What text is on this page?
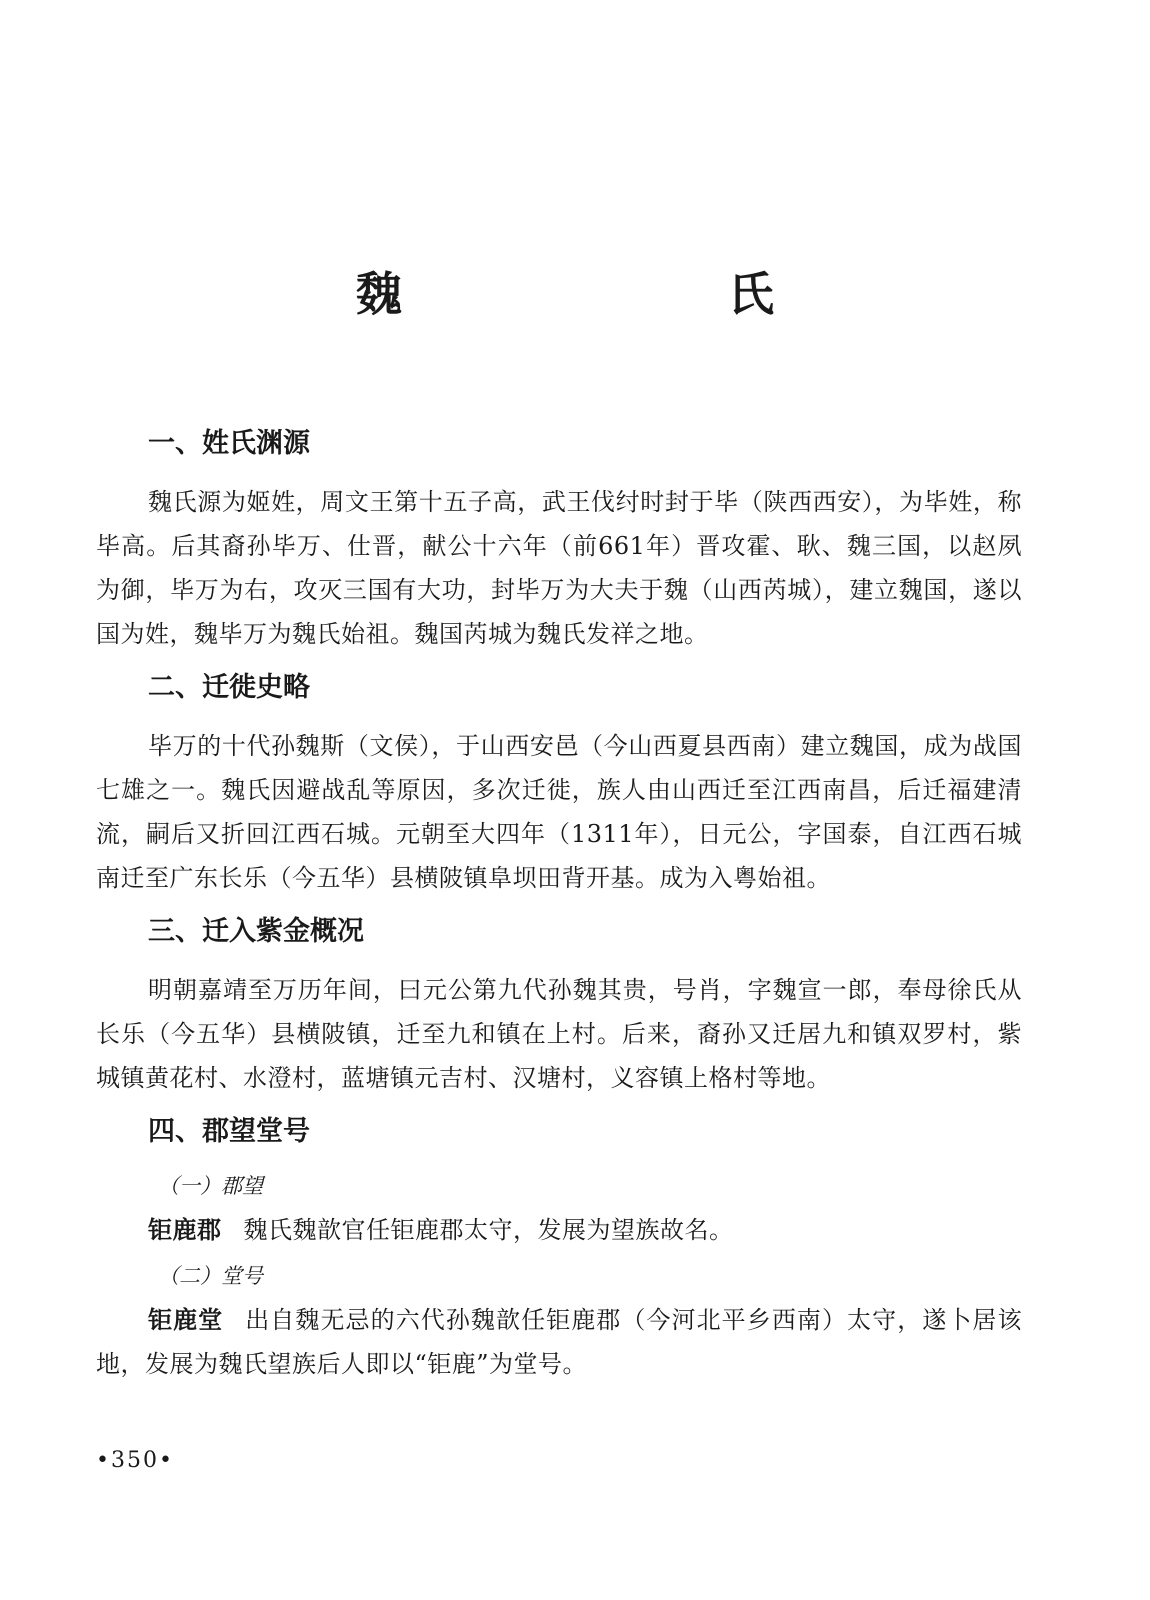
魏　　氏
一、姓氏渊源

魏氏源为姬姓，周文王第十五子高，武王伐纣时封于毕（陕西西安），为毕姓，称毕高。后其裔孙毕万、仕晋，献公十六年（前661年）晋攻霍、耿、魏三国，以赵夙为御，毕万为右，攻灭三国有大功，封毕万为大夫于魏（山西芮城），建立魏国，遂以国为姓，魏毕万为魏氏始祖。魏国芮城为魏氏发祥之地。

二、迁徙史略

毕万的十代孙魏斯（文侯），于山西安邑（今山西夏县西南）建立魏国，成为战国七雄之一。魏氏因避战乱等原因，多次迁徙，族人由山西迁至江西南昌，后迁福建清流，嗣后又折回江西石城。元朝至大四年（1311年），日元公，字国泰，自江西石城南迁至广东长乐（今五华）县横陂镇阜坝田背开基。成为入粤始祖。

三、迁入紫金概况

明朝嘉靖至万历年间，曰元公第九代孙魏其贵，号肖，字魏宣一郎，奉母徐氏从长乐（今五华）县横陂镇，迁至九和镇在上村。后来，裔孙又迁居九和镇双罗村，紫城镇黄花村、水澄村，蓝塘镇元吉村、汉塘村，义容镇上格村等地。

四、郡望堂号
（一）郡望

钜鹿郡 魏氏魏歆官任钜鹿郡太守，发展为望族故名。

（二）堂号

钜鹿堂 出自魏无忌的六代孙魏歆任钜鹿郡（今河北平乡西南）太守，遂卜居该地，发展为魏氏望族后人即以“钜鹿”为堂号。

•350•
